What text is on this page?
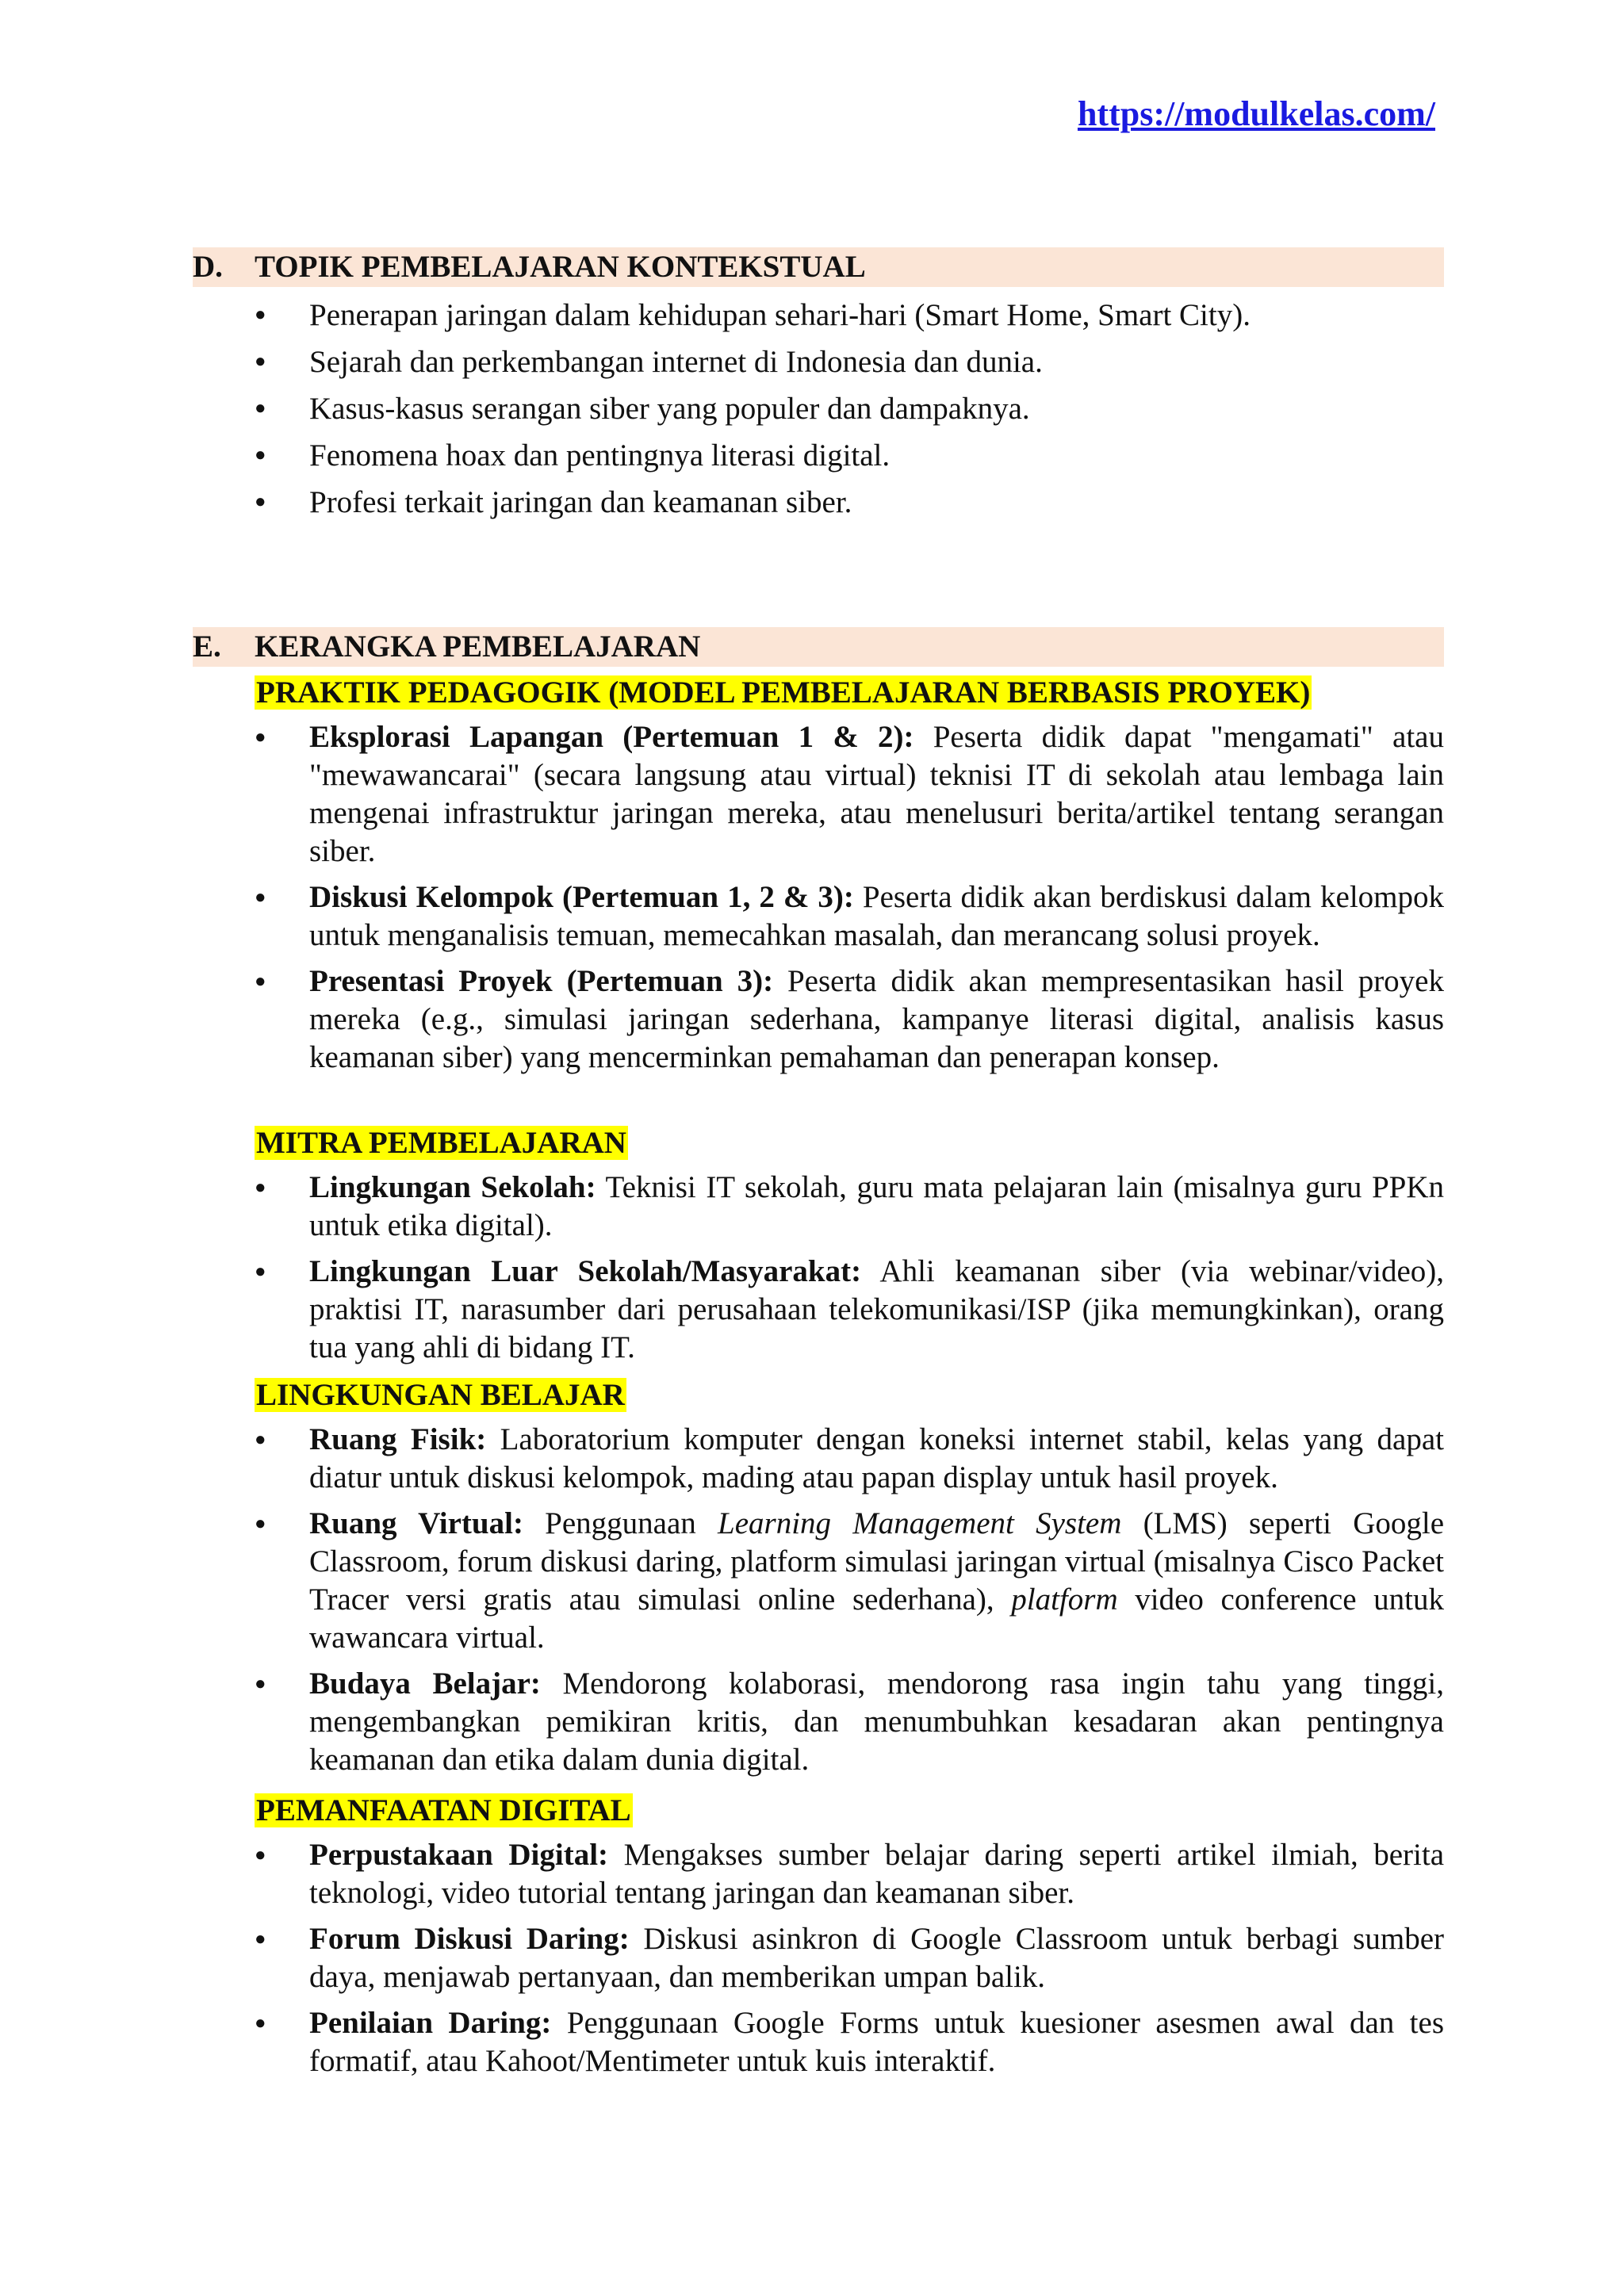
https://modulkelas.com/
D. TOPIK PEMBELAJARAN KONTEKSTUAL
● Penerapan jaringan dalam kehidupan sehari-hari (Smart Home, Smart City).
● Sejarah dan perkembangan internet di Indonesia dan dunia.
● Kasus-kasus serangan siber yang populer dan dampaknya.
● Fenomena hoax dan pentingnya literasi digital.
● Profesi terkait jaringan dan keamanan siber.
E. KERANGKA PEMBELAJARAN
PRAKTIK PEDAGOGIK (MODEL PEMBELAJARAN BERBASIS PROYEK)
● Eksplorasi Lapangan (Pertemuan 1 & 2): Peserta didik dapat "mengamati" atau "mewawancarai" (secara langsung atau virtual) teknisi IT di sekolah atau lembaga lain mengenai infrastruktur jaringan mereka, atau menelusuri berita/artikel tentang serangan siber.
● Diskusi Kelompok (Pertemuan 1, 2 & 3): Peserta didik akan berdiskusi dalam kelompok untuk menganalisis temuan, memecahkan masalah, dan merancang solusi proyek.
● Presentasi Proyek (Pertemuan 3): Peserta didik akan mempresentasikan hasil proyek mereka (e.g., simulasi jaringan sederhana, kampanye literasi digital, analisis kasus keamanan siber) yang mencerminkan pemahaman dan penerapan konsep.
MITRA PEMBELAJARAN
● Lingkungan Sekolah: Teknisi IT sekolah, guru mata pelajaran lain (misalnya guru PPKn untuk etika digital).
● Lingkungan Luar Sekolah/Masyarakat: Ahli keamanan siber (via webinar/video), praktisi IT, narasumber dari perusahaan telekomunikasi/ISP (jika memungkinkan), orang tua yang ahli di bidang IT.
LINGKUNGAN BELAJAR
● Ruang Fisik: Laboratorium komputer dengan koneksi internet stabil, kelas yang dapat diatur untuk diskusi kelompok, mading atau papan display untuk hasil proyek.
● Ruang Virtual: Penggunaan Learning Management System (LMS) seperti Google Classroom, forum diskusi daring, platform simulasi jaringan virtual (misalnya Cisco Packet Tracer versi gratis atau simulasi online sederhana), platform video conference untuk wawancara virtual.
● Budaya Belajar: Mendorong kolaborasi, mendorong rasa ingin tahu yang tinggi, mengembangkan pemikiran kritis, dan menumbuhkan kesadaran akan pentingnya keamanan dan etika dalam dunia digital.
PEMANFAATAN DIGITAL
● Perpustakaan Digital: Mengakses sumber belajar daring seperti artikel ilmiah, berita teknologi, video tutorial tentang jaringan dan keamanan siber.
● Forum Diskusi Daring: Diskusi asinkron di Google Classroom untuk berbagi sumber daya, menjawab pertanyaan, dan memberikan umpan balik.
● Penilaian Daring: Penggunaan Google Forms untuk kuesioner asesmen awal dan tes formatif, atau Kahoot/Mentimeter untuk kuis interaktif.
